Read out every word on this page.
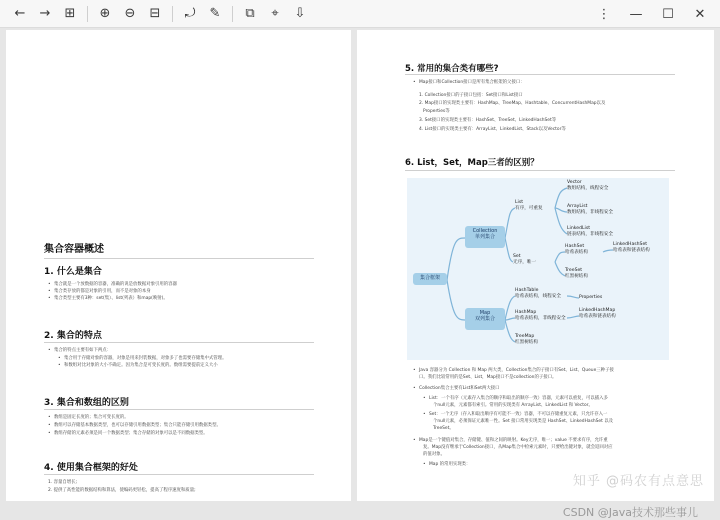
←	→	⊞	⊕	⊖	⊟	⤾	✎	⧉	⌖	⇩	⋮	—	☐	✕
集合容器概述
1. 什么是集合
• 集合就是一个放数据的容器，准确的说是放数据对象引用的容器
• 集合类存放的都是对象的引用，而不是对象的本身
• 集合类型主要有3种：set(集）、list(列表）和map(映射)。
2. 集合的特点
• 集合的特点主要有如下两点：
• 集合用于存储对象的容器，对象是用来封装数据，对象多了也需要存储集中式管理。
• 和数组对比对象的大小不确定。因为集合是可变长度的。数组需要提前定义大小
3. 集合和数组的区别
• 数组是固定长度的；集合可变长度的。
• 数组可以存储基本数据类型，也可以存储引用数据类型；集合只能存储引用数据类型。
• 数组存储的元素必须是同一个数据类型；集合存储的对象可以是不同数据类型。
4. 使用集合框架的好处
1. 容量自增长;
2. 提供了高性能的数据结构和算法，使编码更轻松，提高了程序速度和质量;
5. 常用的集合类有哪些?
• Map接口和Collection接口是所有集合框架的父接口：
1. Collection接口的子接口包括：Set接口和List接口
2. Map接口的实现类主要有：HashMap、TreeMap、Hashtable、ConcurrentHashMap以及
Properties等
3. Set接口的实现类主要有：HashSet、TreeSet、LinkedHashSet等
4. List接口的实现类主要有：ArrayList、LinkedList、Stack以及Vector等
6. List，Set，Map三者的区别？
集合框架
Collection
单列集合
Map
双列集合
List
有序，可重复
Set
无序，唯一
Vector
数组结构，线程安全
ArrayList
数组结构，非线程安全
LinkedList
链表结构，非线程安全
HashSet
哈希表结构
LinkedHashSet
哈希表和链表结构
TreeSet
红黑树结构
HashTable
哈希表结构，线程安全	Properties
HashMap
哈希表结构，非线程安全
LinkedHashMap
哈希表和链表结构
TreeMap
红黑树结构
• Java 容器分为 Collection 和 Map 两大类，Collection集合的子接口有Set、List、Queue三种子接
口。我们比较常用的是Set、List，Map接口不是collection的子接口。
• Collection集合主要有List和Set两大接口
• List：一个有序（元素存入集合的顺序和取出的顺序一致）容器，元素可以重复，可以插入多
个null元素，元素都有索引。常用的实现类有 ArrayList、LinkedList 和 Vector。
• Set：一个无序（存入和取出顺序有可能不一致）容器，不可以存储重复元素，只允许存入一
个null元素，必须保证元素唯一性。Set 接口常用实现类是 HashSet、LinkedHashSet 以及
TreeSet。
• Map是一个键值对集合，存储键、值和之间的映射。Key无序，唯一；value 不要求有序，允许重
复。Map没有继承于Collection接口，从Map集合中检索元素时，只要给出键对象，就会返回对应
的值对象。
• Map 的常用实现类：
知乎 @码农有点意思
CSDN @Java技术那些事儿
